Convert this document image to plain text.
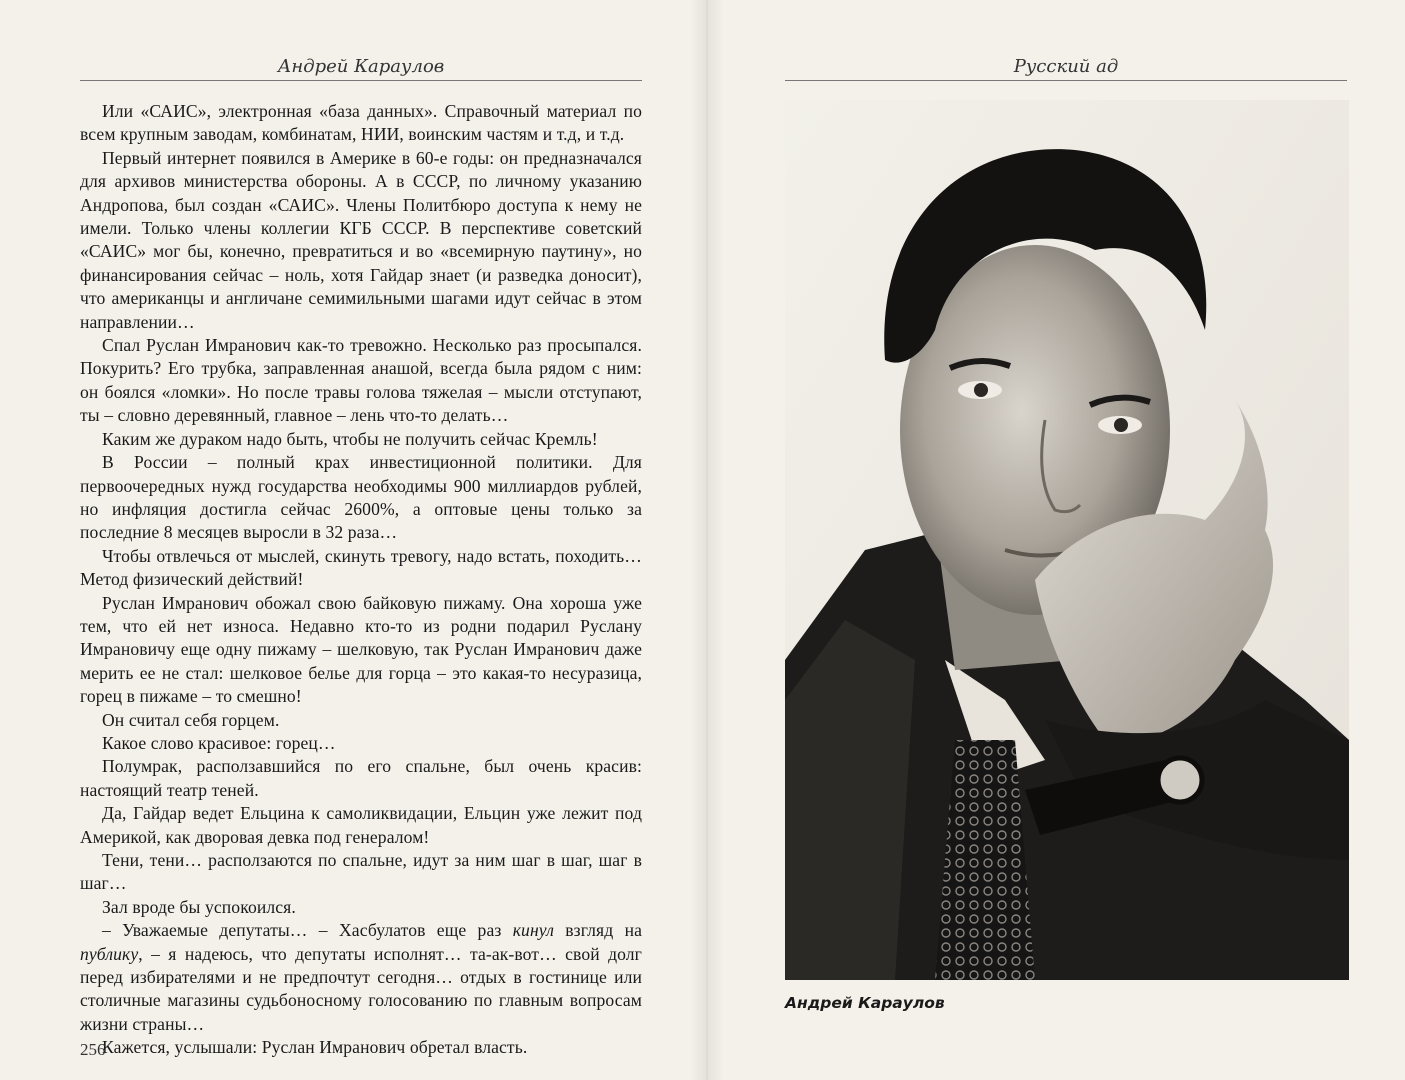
Андрей Караулов

Или «САИС», электронная «база данных». Справочный материал по всем крупным заводам, комбинатам, НИИ, воинским частям и т.д, и т.д.

Первый интернет появился в Америке в 60-е годы: он предназначался для архивов министерства обороны. А в СССР, по личному указанию Андропова, был создан «САИС». Члены Политбюро доступа к нему не имели. Только члены коллегии КГБ СССР. В перспективе советский «САИС» мог бы, конечно, превратиться и во «всемирную паутину», но финансирования сейчас – ноль, хотя Гайдар знает (и разведка доносит), что американцы и англичане семимильными шагами идут сейчас в этом направлении…

Спал Руслан Имранович как-то тревожно. Несколько раз просыпался. Покурить? Его трубка, заправленная анашой, всегда была рядом с ним: он боялся «ломки». Но после травы голова тяжелая – мысли отступают, ты – словно деревянный, главное – лень что-то делать…

Каким же дураком надо быть, чтобы не получить сейчас Кремль!

В России – полный крах инвестиционной политики. Для первоочередных нужд государства необходимы 900 миллиардов рублей, но инфляция достигла сейчас 2600%, а оптовые цены только за последние 8 месяцев выросли в 32 раза…

Чтобы отвлечься от мыслей, скинуть тревогу, надо встать, походить… Метод физический действий!

Руслан Имранович обожал свою байковую пижаму. Она хороша уже тем, что ей нет износа. Недавно кто-то из родни подарил Руслану Имрановичу еще одну пижаму – шелковую, так Руслан Имранович даже мерить ее не стал: шелковое белье для горца – это какая-то несуразица, горец в пижаме – то смешно!

Он считал себя горцем.

Какое слово красивое: горец…

Полумрак, расползавшийся по его спальне, был очень красив: настоящий театр теней.

Да, Гайдар ведет Ельцина к самоликвидации, Ельцин уже лежит под Америкой, как дворовая девка под генералом!

Тени, тени… расползаются по спальне, идут за ним шаг в шаг, шаг в шаг…

Зал вроде бы успокоился.

– Уважаемые депутаты… – Хасбулатов еще раз кинул взгляд на публику, – я надеюсь, что депутаты исполнят… та-ак-вот… свой долг перед избирателями и не предпочтут сегодня… отдых в гостинице или столичные магазины судьбоносному голосованию по главным вопросам жизни страны…

Кажется, услышали: Руслан Имранович обретал власть.

256
Русский ад
Андрей Караулов
